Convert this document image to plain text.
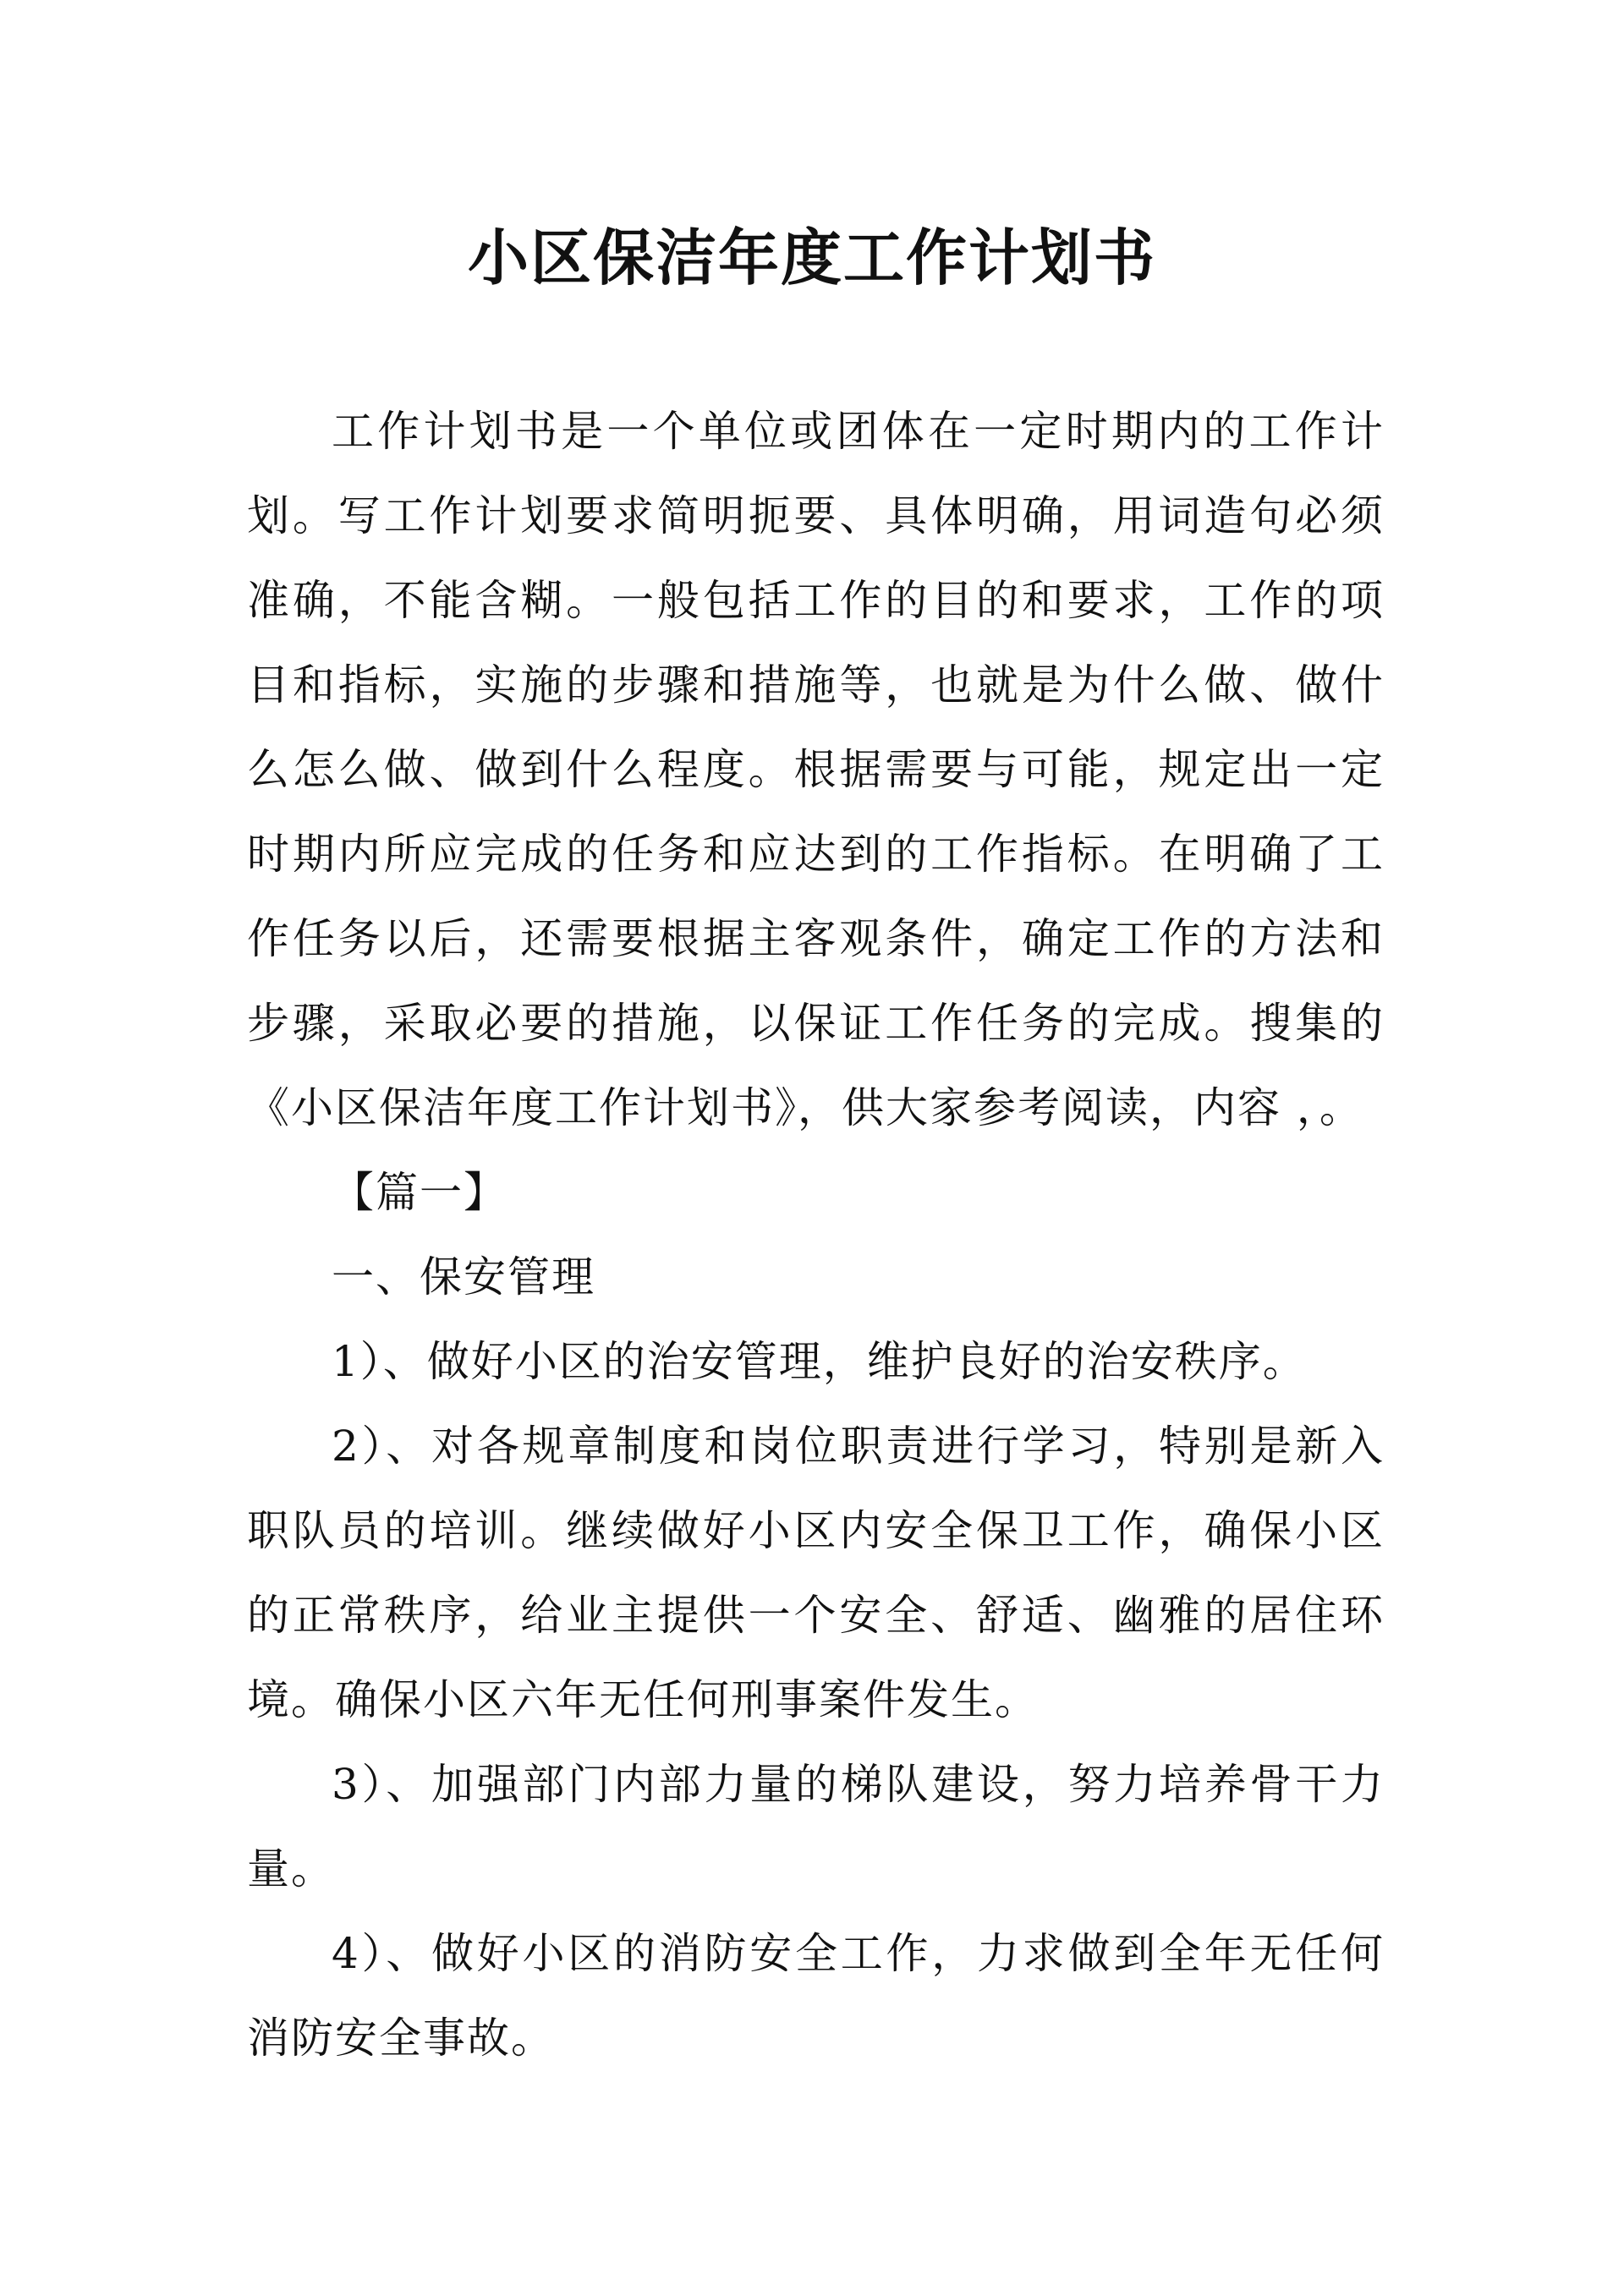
小区保洁年度工作计划书

工作计划书是一个单位或团体在一定时期内的工作计划。写工作计划要求简明扼要、具体明确，用词造句必须准确，不能含糊。一般包括工作的目的和要求，工作的项目和指标，实施的步骤和措施等，也就是为什么做、做什么怎么做、做到什么程度。根据需要与可能，规定出一定时期内所应完成的任务和应达到的工作指标。在明确了工作任务以后，还需要根据主客观条件，确定工作的方法和步骤，采取必要的措施，以保证工作任务的完成。搜集的《小区保洁年度工作计划书》，供大家参考阅读，内容 ，。

【篇一】

一、保安管理

1）、做好小区的治安管理，维护良好的治安秩序。

2）、对各规章制度和岗位职责进行学习，特别是新入职队员的培训。继续做好小区内安全保卫工作，确保小区的正常秩序，给业主提供一个安全、舒适、幽雅的居住环境。确保小区六年无任何刑事案件发生。

3）、加强部门内部力量的梯队建设，努力培养骨干力量。

4）、做好小区的消防安全工作，力求做到全年无任何消防安全事故。
